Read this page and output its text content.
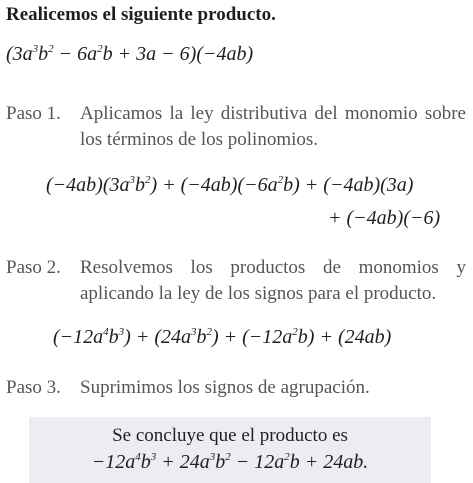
Realicemos el siguiente producto.
$(3a^3b^2 - 6a^2b + 3a - 6)(-4ab)$
Paso 1. Aplicamos la ley distributiva del monomio sobre los términos de los polinomios.
$(-4ab)(3a^3b^2) + (-4ab)(-6a^2b) + (-4ab)(3a)$
+ (−4ab)(−6)
Paso 2. Resolvemos los productos de monomios y aplicando la ley de los signos para el producto.
$(-12a^4b^3) + (24a^3b^2) + (-12a^2b) + (24ab)$
Paso 3. Suprimimos los signos de agrupación.
Se concluye que el producto es
$-12a^4b^3 + 24a^3b^2 - 12a^2b + 24ab$.
